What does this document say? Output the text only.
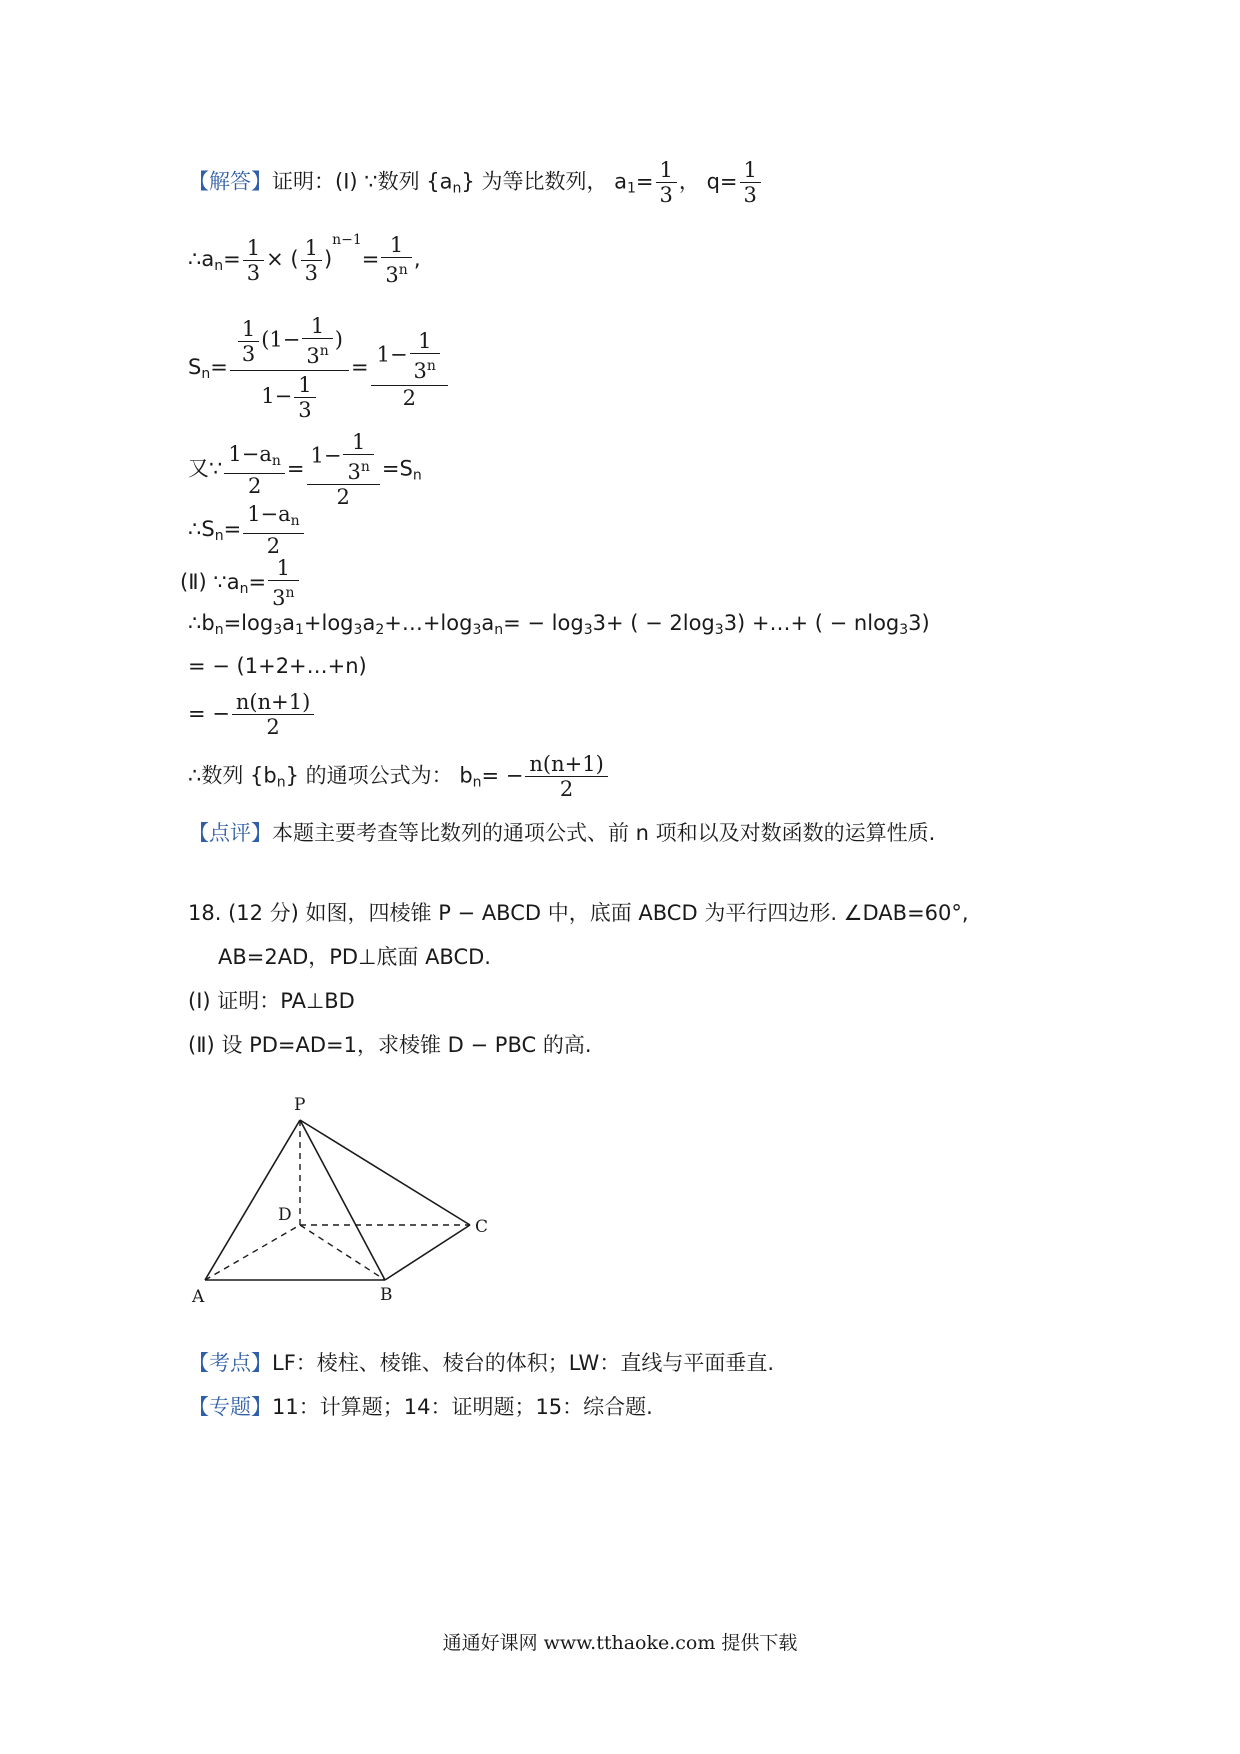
【解答】证明：(Ⅰ) ∵数列 $\{a_n\}$ 为等比数列， $a_1= \frac{1}{3}$ ， $q= \frac{1}{3}$
$\therefore a_n= \frac{1}{3}$ × ( $\frac{1}{3} )^{n-1}= \frac{1}{3^n}$ ,
$S_n= \frac{\frac{1}{3} (1- \frac{1}{3^n} )}{1- \frac{1}{3}} = \frac{1- \frac{1}{3^n}}{2}$
又∵ $\frac{1-a_n}{2} = \frac{1- \frac{1}{3^n}}{2} =S_n$
$\therefore S_n= \frac{1-a_n}{2}$
(Ⅱ) $\because a_n= \frac{1}{3^n}$
$\therefore b_n=\log_3a_1+\log_3a_2+\dots+\log_3a_n= - \log_33+$ ( − $2\log_33$) +…+ ( − nlog$_3$3)
= − (1+2+…+n)
= − $\frac{n(n+1)}{2}$
∴数列 $\{b_n\}$ 的通项公式为： $b_n= - \frac{n(n+1)}{2}$
【点评】本题主要考查等比数列的通项公式、前 n 项和以及对数函数的运算性质.
18. (12 分) 如图，四棱锥 P − ABCD 中，底面 ABCD 为平行四边形. ∠DAB=60°,
AB=2AD，PD⊥底面 ABCD.
(Ⅰ) 证明：PA⊥BD
(Ⅱ) 设 PD=AD=1，求棱锥 D − PBC 的高.
P
D
C
A	B
【考点】LF：棱柱、棱锥、棱台的体积；LW：直线与平面垂直.
【专题】11：计算题；14：证明题；15：综合题.
通通好课网 www.tthaoke.com 提供下载
